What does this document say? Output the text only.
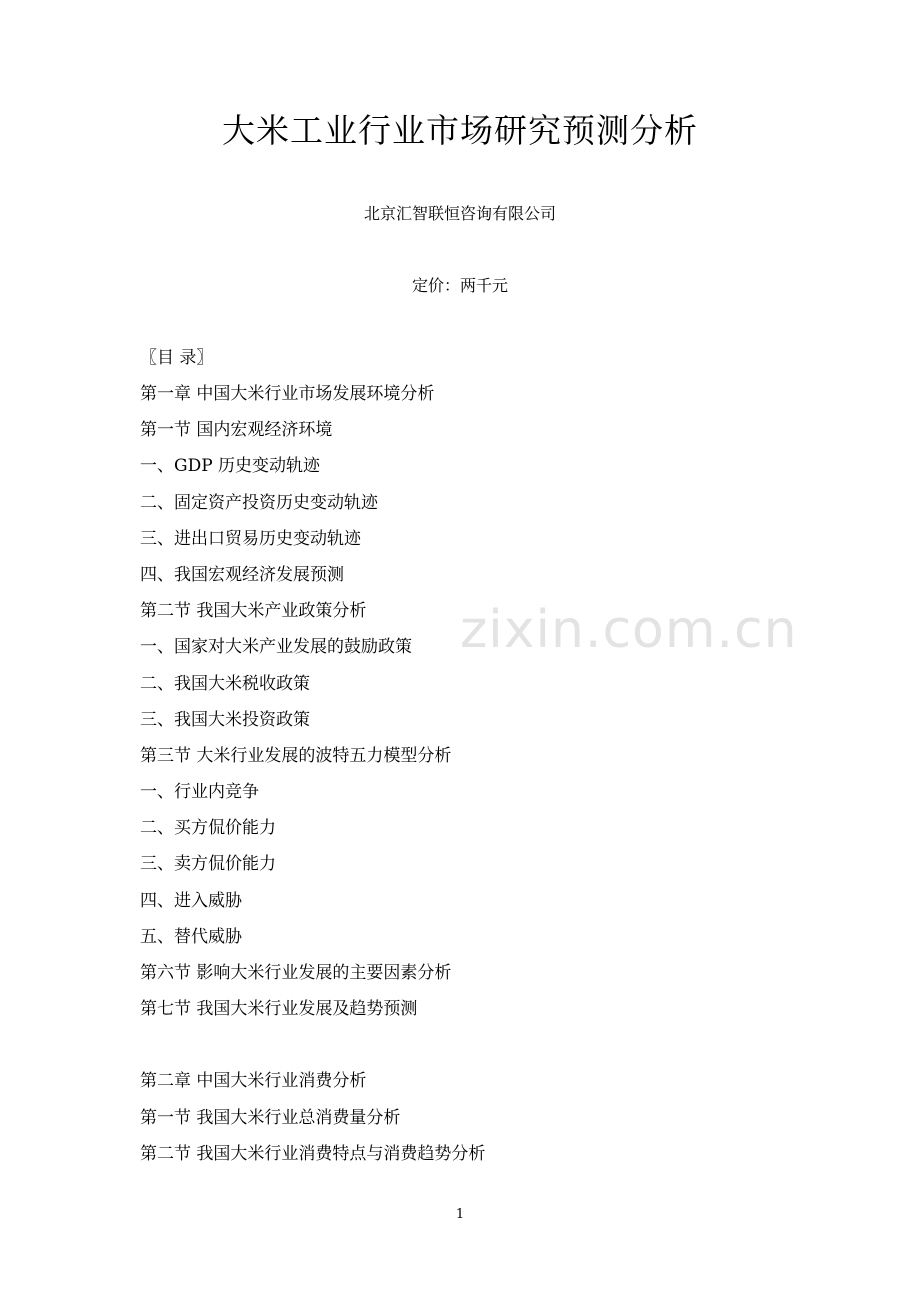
大米工业行业市场研究预测分析
北京汇智联恒咨询有限公司
定价：两千元
〖目 录〗
第一章 中国大米行业市场发展环境分析
第一节 国内宏观经济环境
一、GDP 历史变动轨迹
二、固定资产投资历史变动轨迹
三、进出口贸易历史变动轨迹
四、我国宏观经济发展预测
第二节 我国大米产业政策分析
一、国家对大米产业发展的鼓励政策
二、我国大米税收政策
三、我国大米投资政策
第三节 大米行业发展的波特五力模型分析
一、行业内竞争
二、买方侃价能力
三、卖方侃价能力
四、进入威胁
五、替代威胁
第六节 影响大米行业发展的主要因素分析
第七节 我国大米行业发展及趋势预测
第二章 中国大米行业消费分析
第一节 我国大米行业总消费量分析
第二节 我国大米行业消费特点与消费趋势分析
zixin.com.cn
1
